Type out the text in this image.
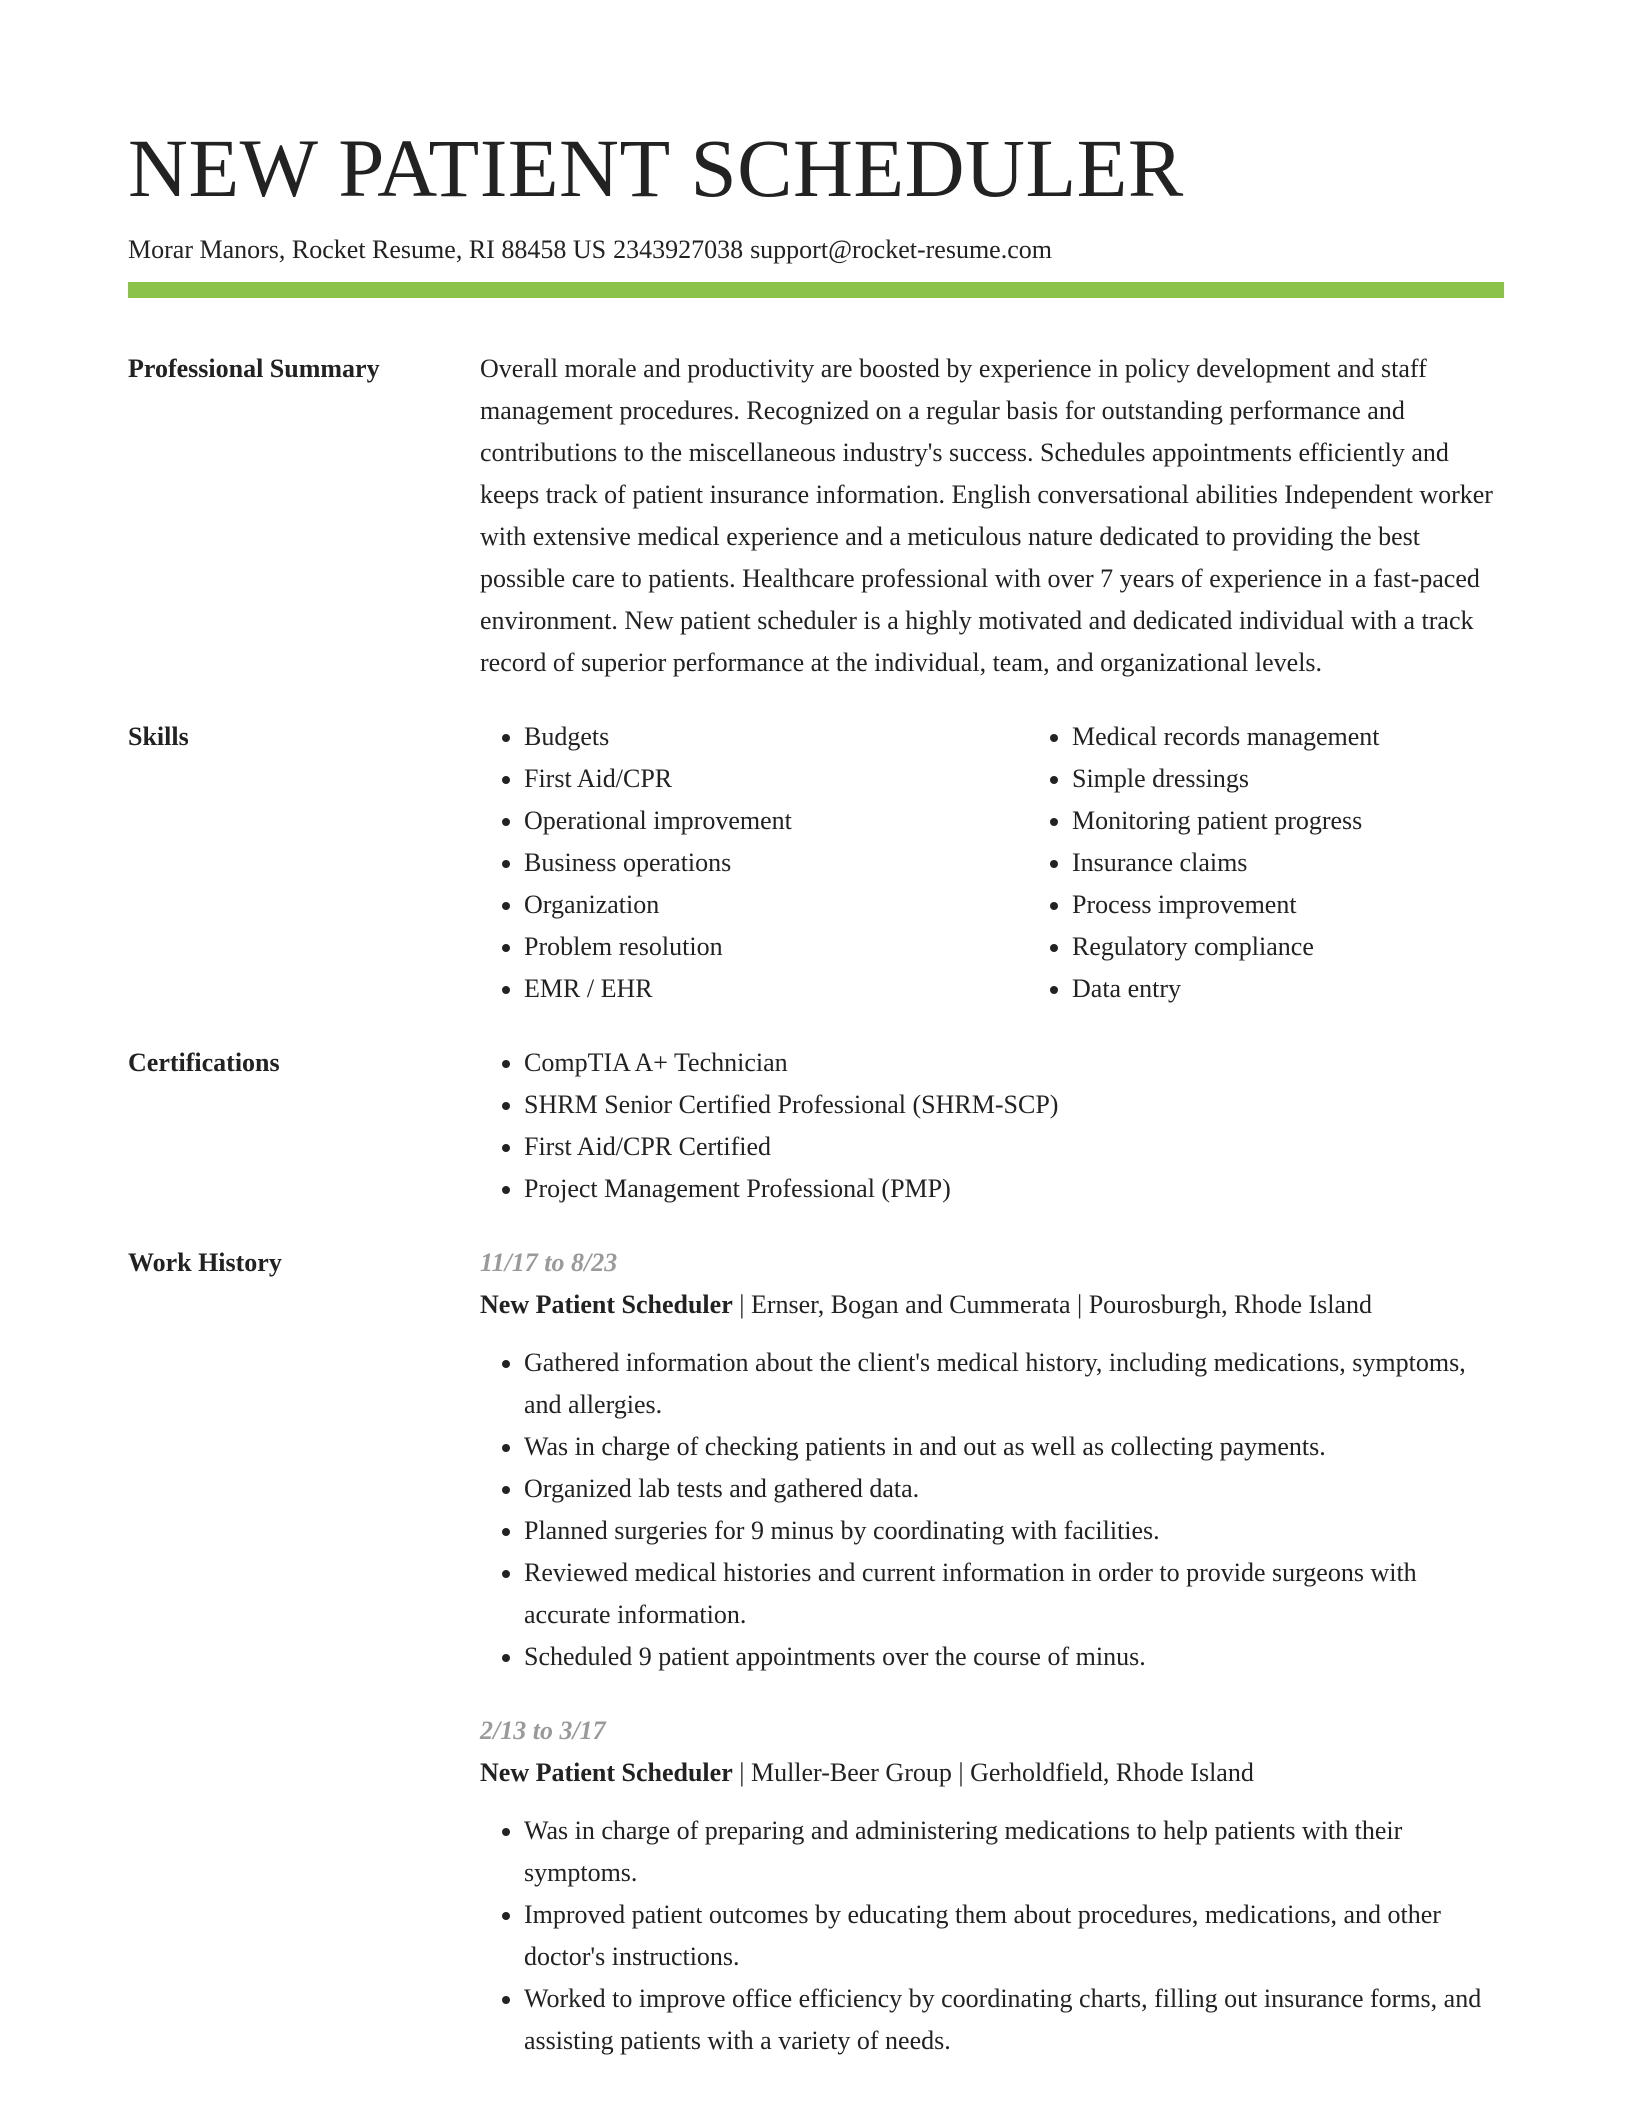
NEW PATIENT SCHEDULER
Morar Manors, Rocket Resume, RI 88458 US 2343927038 support@rocket-resume.com
Professional Summary	Overall morale and productivity are boosted by experience in policy development and staff management procedures. Recognized on a regular basis for outstanding performance and contributions to the miscellaneous industry's success. Schedules appointments efficiently and keeps track of patient insurance information. English conversational abilities Independent worker with extensive medical experience and a meticulous nature dedicated to providing the best possible care to patients. Healthcare professional with over 7 years of experience in a fast-paced environment. New patient scheduler is a highly motivated and dedicated individual with a track record of superior performance at the individual, team, and organizational levels.

Skills	• Budgets
• First Aid/CPR
• Operational improvement
• Business operations
• Organization
• Problem resolution
• EMR / EHR
• Medical records management
• Simple dressings
• Monitoring patient progress
• Insurance claims
• Process improvement
• Regulatory compliance
• Data entry
Certifications	• CompTIA A+ Technician
• SHRM Senior Certified Professional (SHRM-SCP)
• First Aid/CPR Certified
• Project Management Professional (PMP)
Work History	11/17 to 8/23
New Patient Scheduler | Ernser, Bogan and Cummerata | Pourosburgh, Rhode Island
• Gathered information about the client's medical history, including medications, symptoms, and allergies.
• Was in charge of checking patients in and out as well as collecting payments.
• Organized lab tests and gathered data.
• Planned surgeries for 9 minus by coordinating with facilities.
• Reviewed medical histories and current information in order to provide surgeons with accurate information.
• Scheduled 9 patient appointments over the course of minus.
2/13 to 3/17
New Patient Scheduler | Muller-Beer Group | Gerholdfield, Rhode Island
• Was in charge of preparing and administering medications to help patients with their symptoms.
• Improved patient outcomes by educating them about procedures, medications, and other doctor's instructions.
• Worked to improve office efficiency by coordinating charts, filling out insurance forms, and assisting patients with a variety of needs.
